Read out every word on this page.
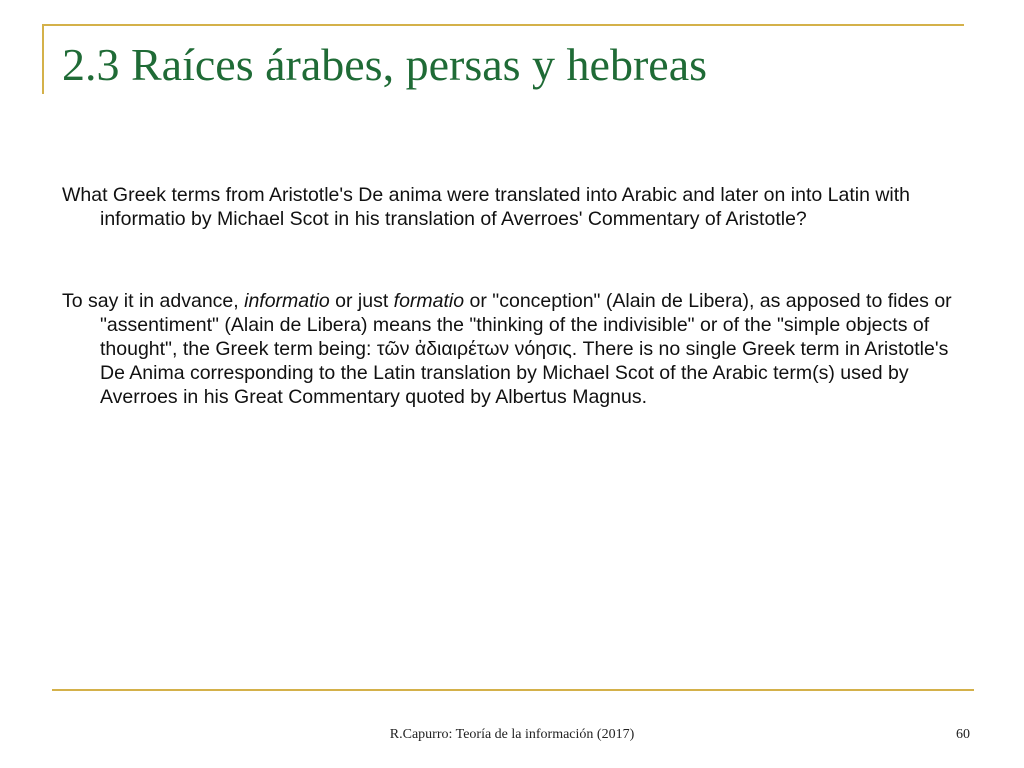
2.3 Raíces árabes, persas y hebreas

What Greek terms from Aristotle's De anima were translated into Arabic and later on into Latin with informatio by Michael Scot in his translation of Averroes' Commentary of Aristotle?

To say it in advance, informatio or just formatio or "conception" (Alain de Libera), as apposed to fides or "assentiment" (Alain de Libera) means the "thinking of the indivisible" or of the "simple objects of thought", the Greek term being: τῶν ἀδιαιρέτων νόησις. There is no single Greek term in Aristotle's De Anima corresponding to the Latin translation by Michael Scot of the Arabic term(s) used by Averroes in his Great Commentary quoted by Albertus Magnus.

R.Capurro: Teoría de la información (2017)	60
